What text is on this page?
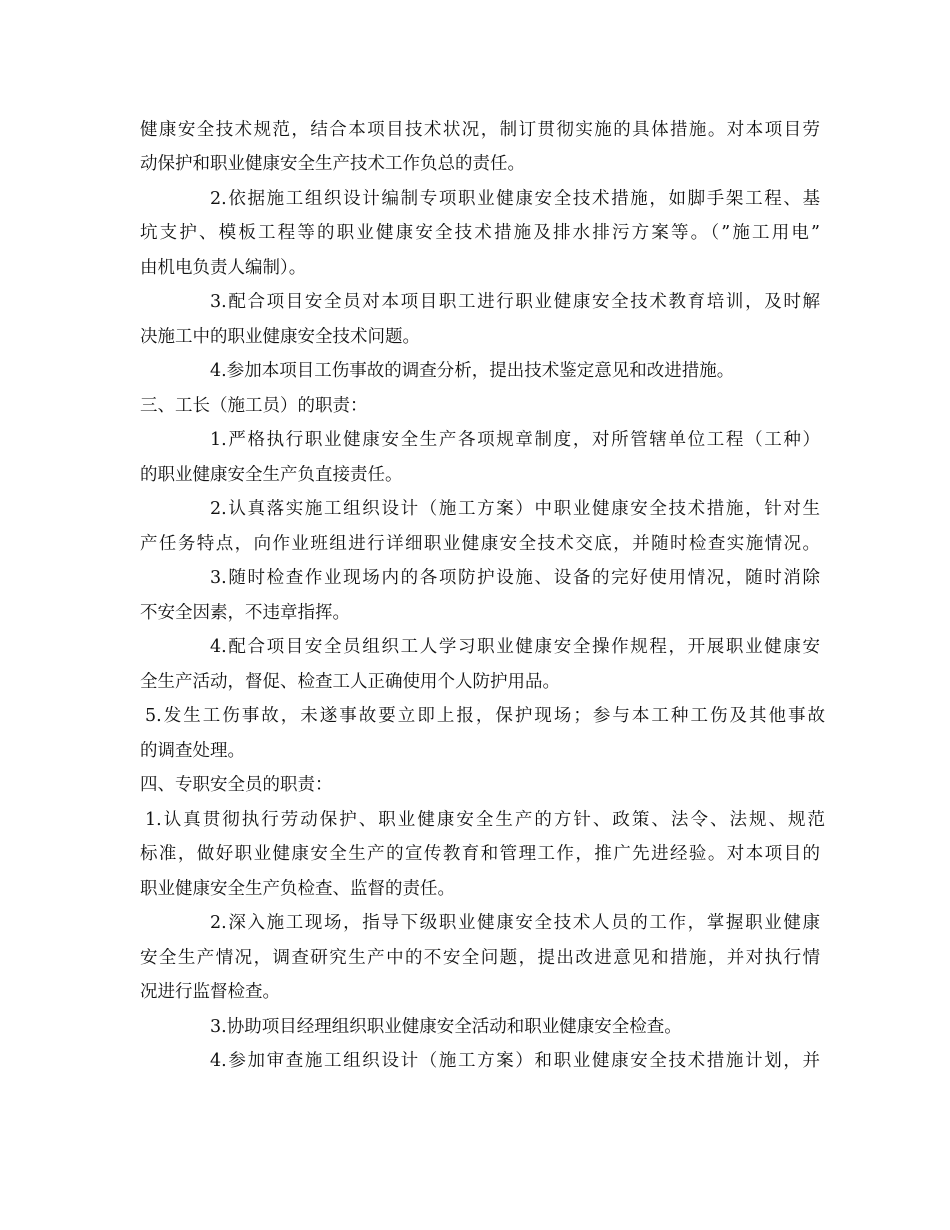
健康安全技术规范，结合本项目技术状况，制订贯彻实施的具体措施。对本项目劳
动保护和职业健康安全生产技术工作负总的责任。
2.依据施工组织设计编制专项职业健康安全技术措施，如脚手架工程、基
坑支护、模板工程等的职业健康安全技术措施及排水排污方案等。（”施工用电”
由机电负责人编制）。
3.配合项目安全员对本项目职工进行职业健康安全技术教育培训，及时解
决施工中的职业健康安全技术问题。
4.参加本项目工伤事故的调查分析，提出技术鉴定意见和改进措施。
三、工长（施工员）的职责：
1.严格执行职业健康安全生产各项规章制度，对所管辖单位工程（工种）
的职业健康安全生产负直接责任。
2.认真落实施工组织设计（施工方案）中职业健康安全技术措施，针对生
产任务特点，向作业班组进行详细职业健康安全技术交底，并随时检查实施情况。
3.随时检查作业现场内的各项防护设施、设备的完好使用情况，随时消除
不安全因素，不违章指挥。
4.配合项目安全员组织工人学习职业健康安全操作规程，开展职业健康安
全生产活动，督促、检查工人正确使用个人防护用品。
5.发生工伤事故，未遂事故要立即上报，保护现场；参与本工种工伤及其他事故
的调查处理。
四、专职安全员的职责：
1.认真贯彻执行劳动保护、职业健康安全生产的方针、政策、法令、法规、规范
标准，做好职业健康安全生产的宣传教育和管理工作，推广先进经验。对本项目的
职业健康安全生产负检查、监督的责任。
2.深入施工现场，指导下级职业健康安全技术人员的工作，掌握职业健康
安全生产情况，调查研究生产中的不安全问题，提出改进意见和措施，并对执行情
况进行监督检查。
3.协助项目经理组织职业健康安全活动和职业健康安全检查。
4.参加审查施工组织设计（施工方案）和职业健康安全技术措施计划，并
